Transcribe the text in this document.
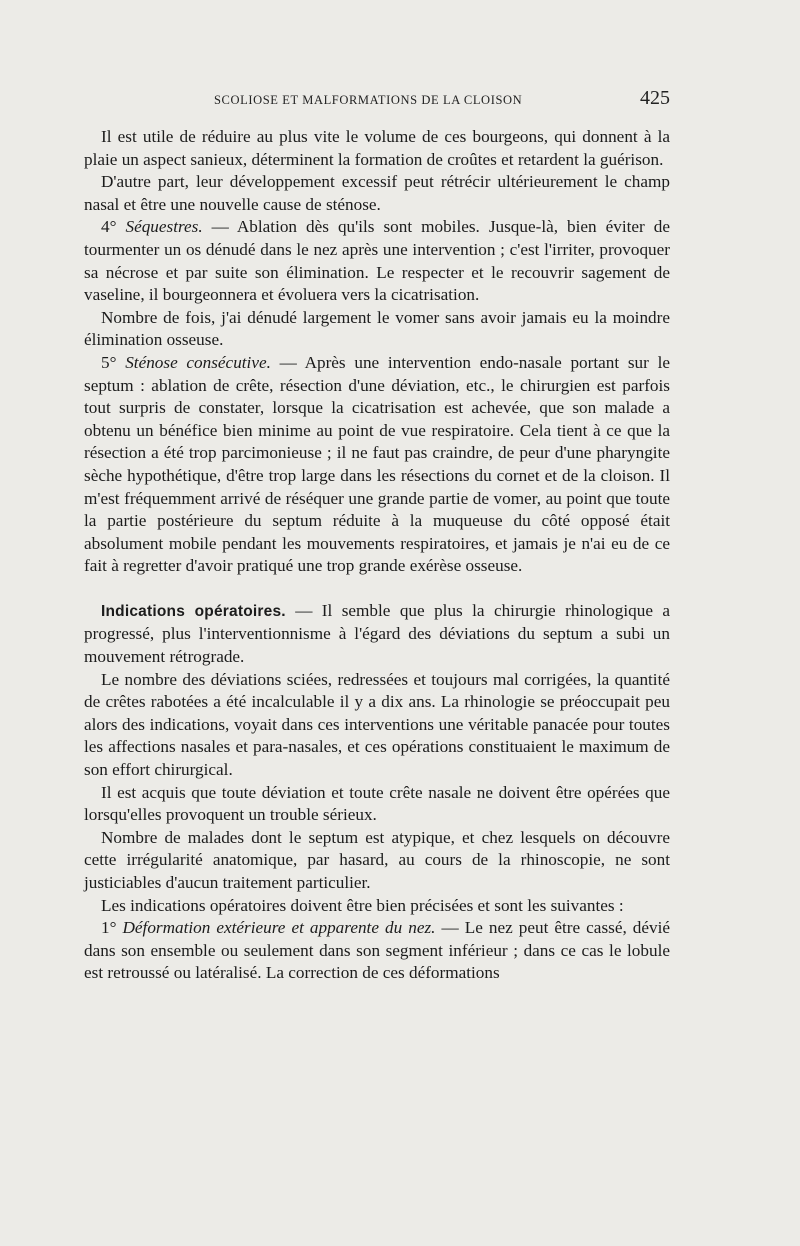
SCOLIOSE ET MALFORMATIONS DE LA CLOISON	425

Il est utile de réduire au plus vite le volume de ces bourgeons, qui donnent à la plaie un aspect sanieux, déterminent la formation de croûtes et retardent la guérison.

D'autre part, leur développement excessif peut rétrécir ultérieurement le champ nasal et être une nouvelle cause de sténose.

4° Séquestres. — Ablation dès qu'ils sont mobiles. Jusque-là, bien éviter de tourmenter un os dénudé dans le nez après une intervention ; c'est l'irriter, provoquer sa nécrose et par suite son élimination. Le respecter et le recouvrir sagement de vaseline, il bourgeonnera et évoluera vers la cicatrisation.

Nombre de fois, j'ai dénudé largement le vomer sans avoir jamais eu la moindre élimination osseuse.

5° Sténose consécutive. — Après une intervention endo-nasale portant sur le septum : ablation de crête, résection d'une déviation, etc., le chirurgien est parfois tout surpris de constater, lorsque la cicatrisation est achevée, que son malade a obtenu un bénéfice bien minime au point de vue respiratoire. Cela tient à ce que la résection a été trop parcimonieuse ; il ne faut pas craindre, de peur d'une pharyngite sèche hypothétique, d'être trop large dans les résections du cornet et de la cloison. Il m'est fréquemment arrivé de réséquer une grande partie de vomer, au point que toute la partie postérieure du septum réduite à la muqueuse du côté opposé était absolument mobile pendant les mouvements respiratoires, et jamais je n'ai eu de ce fait à regretter d'avoir pratiqué une trop grande exérèse osseuse.

Indications opératoires. — Il semble que plus la chirurgie rhinologique a progressé, plus l'interventionnisme à l'égard des déviations du septum a subi un mouvement rétrograde.

Le nombre des déviations sciées, redressées et toujours mal corrigées, la quantité de crêtes rabotées a été incalculable il y a dix ans. La rhinologie se préoccupait peu alors des indications, voyait dans ces interventions une véritable panacée pour toutes les affections nasales et para-nasales, et ces opérations constituaient le maximum de son effort chirurgical.

Il est acquis que toute déviation et toute crête nasale ne doivent être opérées que lorsqu'elles provoquent un trouble sérieux.

Nombre de malades dont le septum est atypique, et chez lesquels on découvre cette irrégularité anatomique, par hasard, au cours de la rhinoscopie, ne sont justiciables d'aucun traitement particulier.

Les indications opératoires doivent être bien précisées et sont les suivantes :

1° Déformation extérieure et apparente du nez. — Le nez peut être cassé, dévié dans son ensemble ou seulement dans son segment inférieur ; dans ce cas le lobule est retroussé ou latéralisé. La correction de ces déformations
